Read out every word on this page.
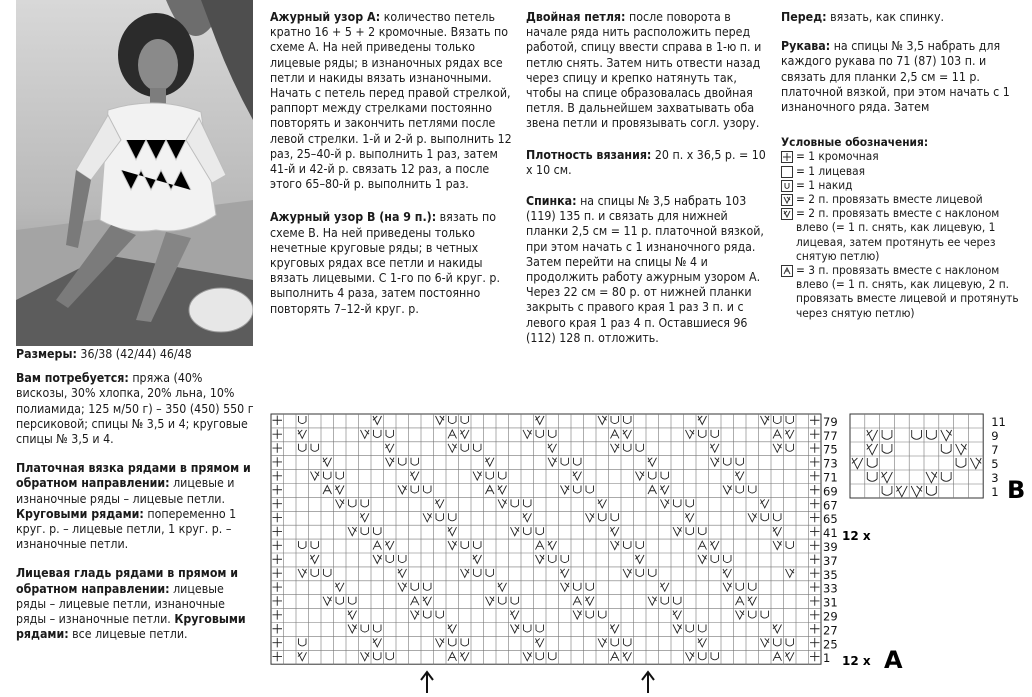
Размеры: 36/38 (42/44) 46/48

Вам потребуется: пряжа (40% вискозы, 30% хлопка, 20% льна, 10% полиамида; 125 м/50 г) – 350 (450) 550 г персиковой; спицы № 3,5 и 4; круговые спицы № 3,5 и 4.

Платочная вязка рядами в прямом и обратном направлении: лицевые и изнаночные ряды – лицевые петли. Круговыми рядами: попеременно 1 круг. р. – лицевые петли, 1 круг. р. – изнаночные петли.

Лицевая гладь рядами в прямом и обратном направлении: лицевые ряды – лицевые петли, изнаночные ряды – изнаночные петли. Круговыми рядами: все лицевые петли.

Ажурный узор A: количество петель кратно 16 + 5 + 2 кромочные. Вязать по схеме А. На ней приведены только лицевые ряды; в изнаночных рядах все петли и накиды вязать изнаночными. Начать с петель перед правой стрелкой, раппорт между стрелками постоянно повторять и закончить петлями после левой стрелки. 1-й и 2-й р. выполнить 12 раз, 25–40-й р. выполнить 1 раз, затем 41-й и 42-й р. связать 12 раз, а после этого 65–80-й р. выполнить 1 раз.

Ажурный узор B (на 9 п.): вязать по схеме B. На ней приведены только нечетные круговые ряды; в четных круговых рядах все петли и накиды вязать лицевыми. С 1-го по 6-й круг. р. выполнить 4 раза, затем постоянно повторять 7–12-й круг. р.

Двойная петля: после поворота в начале ряда нить расположить перед работой, спицу ввести справа в 1-ю п. и петлю снять. Затем нить отвести назад через спицу и крепко натянуть так, чтобы на спице образовалась двойная петля. В дальнейшем захватывать оба звена петли и провязывать согл. узору.

Плотность вязания: 20 п. х 36,5 р. = 10 х 10 см.

Спинка: на спицы № 3,5 набрать 103 (119) 135 п. и связать для нижней планки 2,5 см = 11 р. платочной вязкой, при этом начать с 1 изнаночного ряда. Затем перейти на спицы № 4 и продолжить работу ажурным узором А. Через 22 см = 80 р. от нижней планки закрыть с правого края 1 раз 3 п. и с левого края 1 раз 4 п. Оставшиеся 96 (112) 128 п. отложить.

Перед: вязать, как спинку.

Рукава: на спицы № 3,5 набрать для каждого рукава по 71 (87) 103 п. и связать для планки 2,5 см = 11 р. платочной вязкой, при этом начать с 1 изнаночного ряда. Затем

Условные обозначения:
= 1 кромочная
= 1 лицевая
= 1 накид
= 2 п. провязать вместе лицевой
= 2 п. провязать вместе с наклоном влево (= 1 п. снять, как лицевую, 1 лицевая, затем протянуть ее через снятую петлю)
= 3 п. провязать вместе с наклоном влево (= 1 п. снять, как лицевую, 2 п. провязать вместе лицевой и протянуть через снятую петлю)
79
77
75
73
71
69
67
65
41
39
37
35
33
31
29
27
25
1
12 x
12 x A
11
9
7
5
3
1 B
